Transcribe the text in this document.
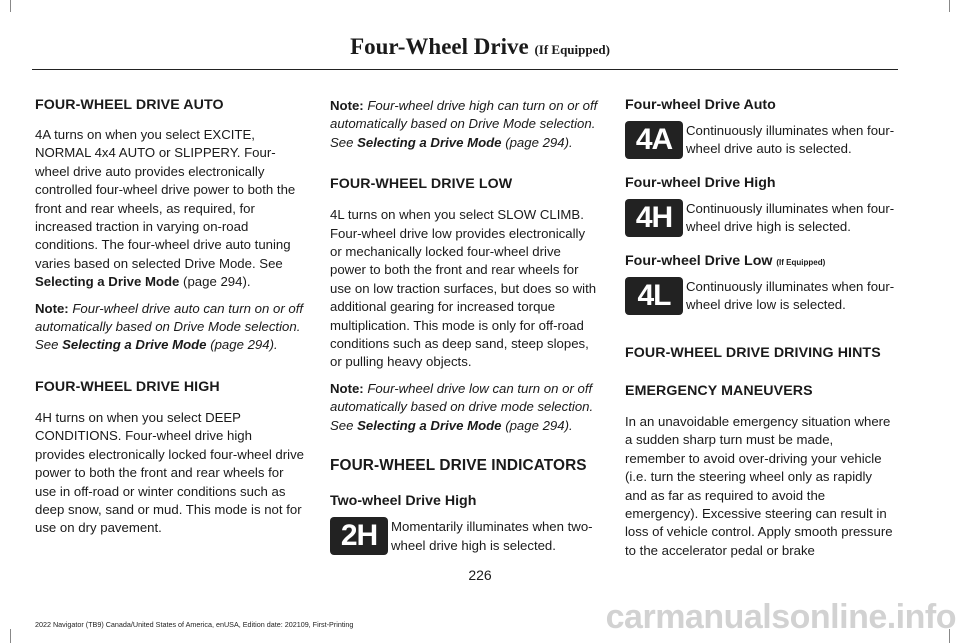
Four-Wheel Drive (If Equipped)
FOUR-WHEEL DRIVE AUTO

4A turns on when you select EXCITE, NORMAL 4x4 AUTO or SLIPPERY. Four-wheel drive auto provides electronically controlled four-wheel drive power to both the front and rear wheels, as required, for increased traction in varying on-road conditions. The four-wheel drive auto tuning varies based on selected Drive Mode. See Selecting a Drive Mode (page 294).

Note: Four-wheel drive auto can turn on or off automatically based on Drive Mode selection. See Selecting a Drive Mode (page 294).

FOUR-WHEEL DRIVE HIGH

4H turns on when you select DEEP CONDITIONS. Four-wheel drive high provides electronically locked four-wheel drive power to both the front and rear wheels for use in off-road or winter conditions such as deep snow, sand or mud. This mode is not for use on dry pavement.

Note: Four-wheel drive high can turn on or off automatically based on Drive Mode selection. See Selecting a Drive Mode (page 294).

FOUR-WHEEL DRIVE LOW

4L turns on when you select SLOW CLIMB. Four-wheel drive low provides electronically or mechanically locked four-wheel drive power to both the front and rear wheels for use on low traction surfaces, but does so with additional gearing for increased torque multiplication. This mode is only for off-road conditions such as deep sand, steep slopes, or pulling heavy objects.

Note: Four-wheel drive low can turn on or off automatically based on drive mode selection. See Selecting a Drive Mode (page 294).

FOUR-WHEEL DRIVE INDICATORS
Two-wheel Drive High
2H	Momentarily illuminates when two-wheel drive high is selected.

Four-wheel Drive Auto
4A	Continuously illuminates when four-wheel drive auto is selected.

Four-wheel Drive High
4H	Continuously illuminates when four-wheel drive high is selected.

Four-wheel Drive Low (If Equipped)
4L	Continuously illuminates when four-wheel drive low is selected.

FOUR-WHEEL DRIVE DRIVING HINTS
EMERGENCY MANEUVERS

In an unavoidable emergency situation where a sudden sharp turn must be made, remember to avoid over-driving your vehicle (i.e. turn the steering wheel only as rapidly and as far as required to avoid the emergency). Excessive steering can result in loss of vehicle control. Apply smooth pressure to the accelerator pedal or brake

226
2022 Navigator (TB9) Canada/United States of America, enUSA, Edition date: 202109, First-Printing	carmanualsonline.info
